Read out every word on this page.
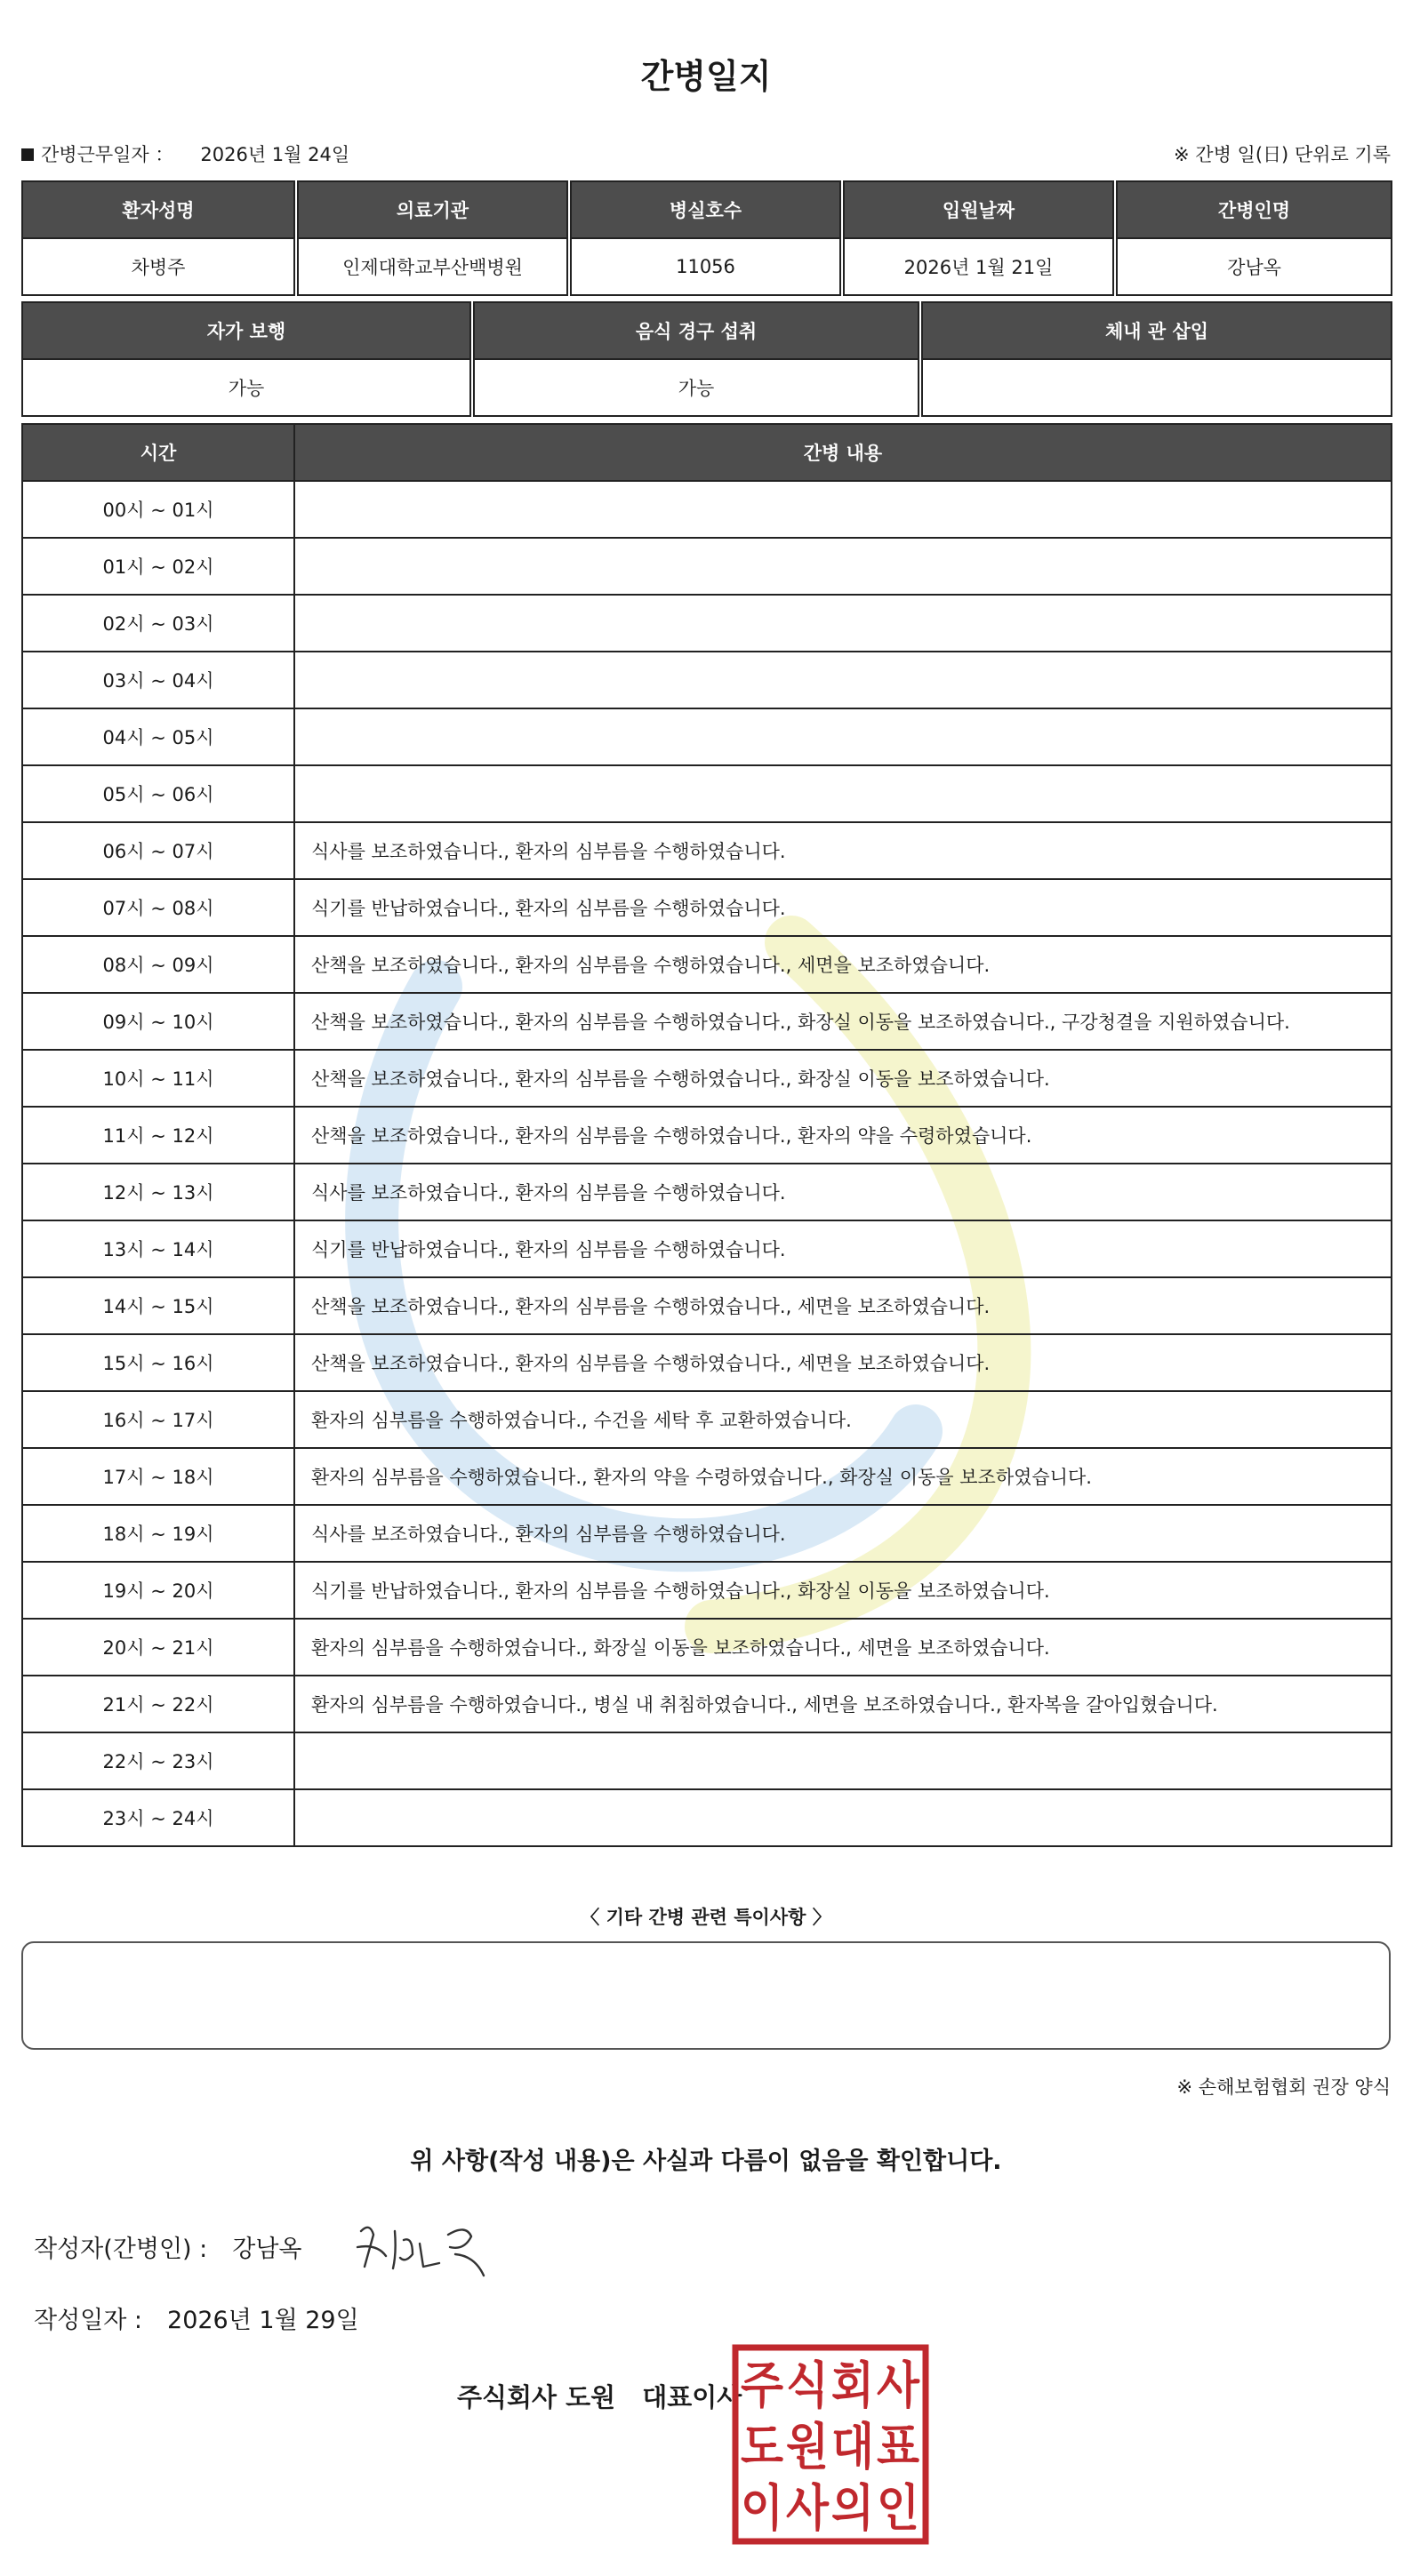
간병일지
간병근무일자 ： 2026년 1월 24일	※ 간병 일(日) 단위로 기록
환자성명		의료기관		병실호수		입원날짜		간병인명
차병주		인제대학교부산백병원		11056		2026년 1월 21일		강남옥
자가 보행		음식 경구 섭취		체내 관 삽입
가능		가능		
시간	간병 내용
00시 ~ 01시	
01시 ~ 02시	
02시 ~ 03시	
03시 ~ 04시	
04시 ~ 05시	
05시 ~ 06시	
06시 ~ 07시	식사를 보조하였습니다., 환자의 심부름을 수행하였습니다.
07시 ~ 08시	식기를 반납하였습니다., 환자의 심부름을 수행하였습니다.
08시 ~ 09시	산책을 보조하였습니다., 환자의 심부름을 수행하였습니다., 세면을 보조하였습니다.
09시 ~ 10시	산책을 보조하였습니다., 환자의 심부름을 수행하였습니다., 화장실 이동을 보조하였습니다., 구강청결을 지원하였습니다.
10시 ~ 11시	산책을 보조하였습니다., 환자의 심부름을 수행하였습니다., 화장실 이동을 보조하였습니다.
11시 ~ 12시	산책을 보조하였습니다., 환자의 심부름을 수행하였습니다., 환자의 약을 수령하였습니다.
12시 ~ 13시	식사를 보조하였습니다., 환자의 심부름을 수행하였습니다.
13시 ~ 14시	식기를 반납하였습니다., 환자의 심부름을 수행하였습니다.
14시 ~ 15시	산책을 보조하였습니다., 환자의 심부름을 수행하였습니다., 세면을 보조하였습니다.
15시 ~ 16시	산책을 보조하였습니다., 환자의 심부름을 수행하였습니다., 세면을 보조하였습니다.
16시 ~ 17시	환자의 심부름을 수행하였습니다., 수건을 세탁 후 교환하였습니다.
17시 ~ 18시	환자의 심부름을 수행하였습니다., 환자의 약을 수령하였습니다., 화장실 이동을 보조하였습니다.
18시 ~ 19시	식사를 보조하였습니다., 환자의 심부름을 수행하였습니다.
19시 ~ 20시	식기를 반납하였습니다., 환자의 심부름을 수행하였습니다., 화장실 이동을 보조하였습니다.
20시 ~ 21시	환자의 심부름을 수행하였습니다., 화장실 이동을 보조하였습니다., 세면을 보조하였습니다.
21시 ~ 22시	환자의 심부름을 수행하였습니다., 병실 내 취침하였습니다., 세면을 보조하였습니다., 환자복을 갈아입혔습니다.
22시 ~ 23시	
23시 ~ 24시	
〈 기타 간병 관련 특이사항 〉
※ 손해보험협회 권장 양식
위 사항(작성 내용)은 사실과 다름이 없음을 확인합니다.
작성자(간병인) : 강남옥
작성일자 : 2026년 1월 29일
주식회사 도원 대표이사
주 식 회 사
도 원 대 표
이 사 의 인
